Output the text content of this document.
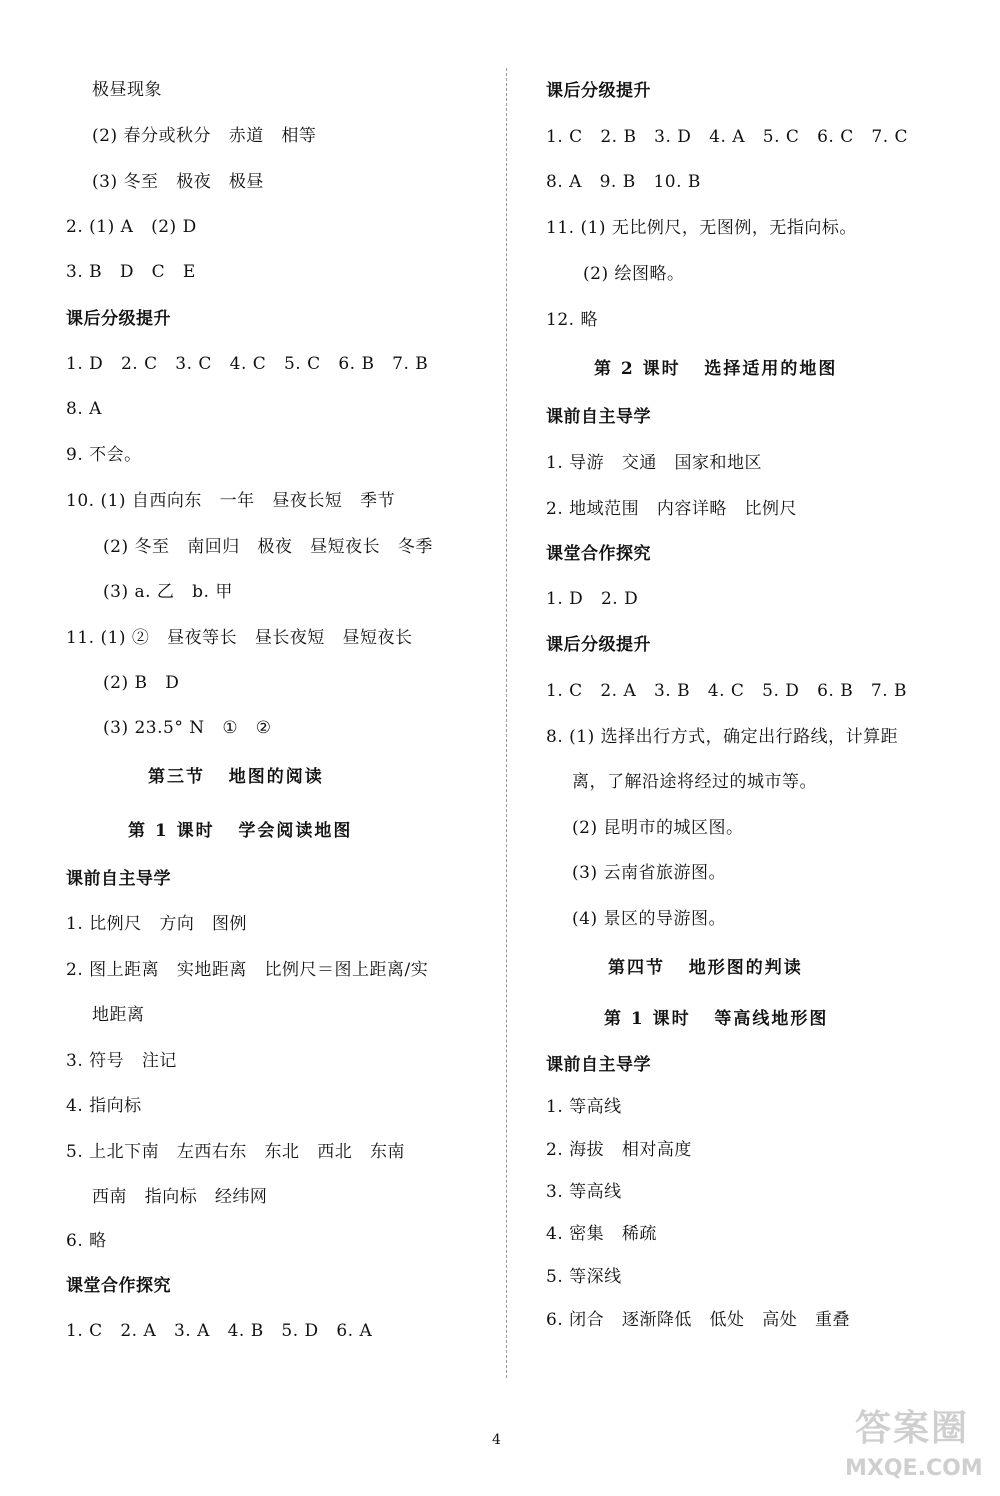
极昼现象
(2) 春分或秋分   赤道   相等
(3) 冬至   极夜   极昼
2. (1) A   (2) D
3. B   D   C   E
课后分级提升
1. D   2. C   3. C   4. C   5. C   6. B   7. B
8. A
9. 不会。
10. (1) 自西向东   一年   昼夜长短   季节
(2) 冬至   南回归   极夜   昼短夜长   冬季
(3) a. 乙   b. 甲
11. (1) ②   昼夜等长   昼长夜短   昼短夜长
(2) B   D
(3) 23.5° N   ①   ②
第三节   地图的阅读
第 1 课时   学会阅读地图
课前自主导学
1. 比例尺   方向   图例
2. 图上距离   实地距离   比例尺＝图上距离/实
地距离
3. 符号   注记
4. 指向标
5. 上北下南   左西右东   东北   西北   东南
西南   指向标   经纬网
6. 略
课堂合作探究
1. C   2. A   3. A   4. B   5. D   6. A
课后分级提升
1. C   2. B   3. D   4. A   5. C   6. C   7. C
8. A   9. B   10. B
11. (1) 无比例尺，无图例，无指向标。
(2) 绘图略。
12. 略
第 2 课时   选择适用的地图
课前自主导学
1. 导游   交通   国家和地区
2. 地域范围   内容详略   比例尺
课堂合作探究
1. D   2. D
课后分级提升
1. C   2. A   3. B   4. C   5. D   6. B   7. B
8. (1) 选择出行方式，确定出行路线，计算距
离，了解沿途将经过的城市等。
(2) 昆明市的城区图。
(3) 云南省旅游图。
(4) 景区的导游图。
第四节   地形图的判读
第 1 课时   等高线地形图
课前自主导学
1. 等高线
2. 海拔   相对高度
3. 等高线
4. 密集   稀疏
5. 等深线
6. 闭合   逐渐降低   低处   高处   重叠
4	答案圈
MXQE.COM
